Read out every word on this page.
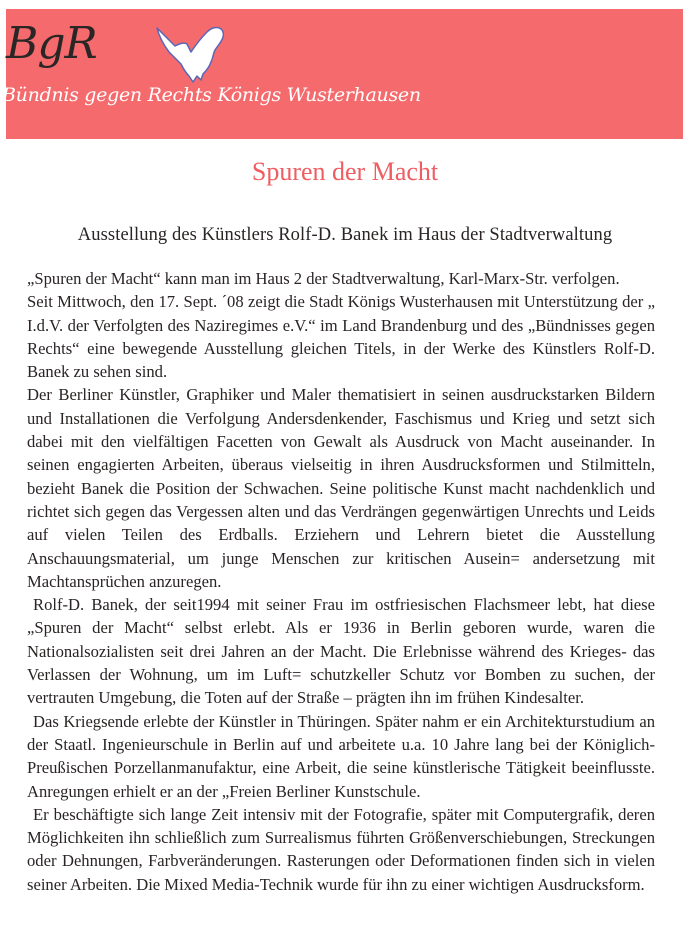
BgR
Bündnis gegen Rechts Königs Wusterhausen
Spuren der Macht
Ausstellung des Künstlers Rolf-D. Banek im Haus der Stadtverwaltung

„Spuren der Macht“ kann man im Haus 2 der Stadtverwaltung, Karl-Marx-Str. verfolgen.

Seit Mittwoch, den 17. Sept. ´08 zeigt die Stadt Königs Wusterhausen mit Unterstützung der „ I.d.V. der Verfolgten des Naziregimes e.V.“ im Land Brandenburg und des „Bündnisses gegen Rechts“ eine bewegende Ausstellung gleichen Titels, in der Werke des Künstlers Rolf-D. Banek zu sehen sind.

Der Berliner Künstler, Graphiker und Maler thematisiert in seinen ausdruckstarken Bildern und Installationen die Verfolgung Andersdenkender, Faschismus und Krieg und setzt sich dabei mit den vielfältigen Facetten von Gewalt als Ausdruck von Macht auseinander. In seinen engagierten Arbeiten, überaus vielseitig in ihren Ausdrucksformen und Stilmitteln, bezieht Banek die Position der Schwachen. Seine politische Kunst macht nachdenklich und richtet sich gegen das Vergessen alten und das Verdrängen gegenwärtigen Unrechts und Leids auf vielen Teilen des Erdballs. Erziehern und Lehrern bietet die Ausstellung Anschauungsmaterial, um junge Menschen zur kritischen Ausein= andersetzung mit Machtansprüchen anzuregen.

Rolf-D. Banek, der seit1994 mit seiner Frau im ostfriesischen Flachsmeer lebt, hat diese „Spuren der Macht“ selbst erlebt. Als er 1936 in Berlin geboren wurde, waren die Nationalsozialisten seit drei Jahren an der Macht. Die Erlebnisse während des Krieges- das Verlassen der Wohnung, um im Luft= schutzkeller Schutz vor Bomben zu suchen, der vertrauten Umgebung, die Toten auf der Straße – prägten ihn im frühen Kindesalter.

Das Kriegsende erlebte der Künstler in Thüringen. Später nahm er ein Architekturstudium an der Staatl. Ingenieurschule in Berlin auf und arbeitete u.a. 10 Jahre lang bei der Königlich-Preußischen Porzellanmanufaktur, eine Arbeit, die seine künstlerische Tätigkeit beeinflusste. Anregungen erhielt er an der „Freien Berliner Kunstschule.

Er beschäftigte sich lange Zeit intensiv mit der Fotografie, später mit Computergrafik, deren Möglichkeiten ihn schließlich zum Surrealismus führten Größenverschiebungen, Streckungen oder Dehnungen, Farbveränderungen. Rasterungen oder Deformationen finden sich in vielen seiner Arbeiten. Die Mixed Media-Technik wurde für ihn zu einer wichtigen Ausdrucksform.
